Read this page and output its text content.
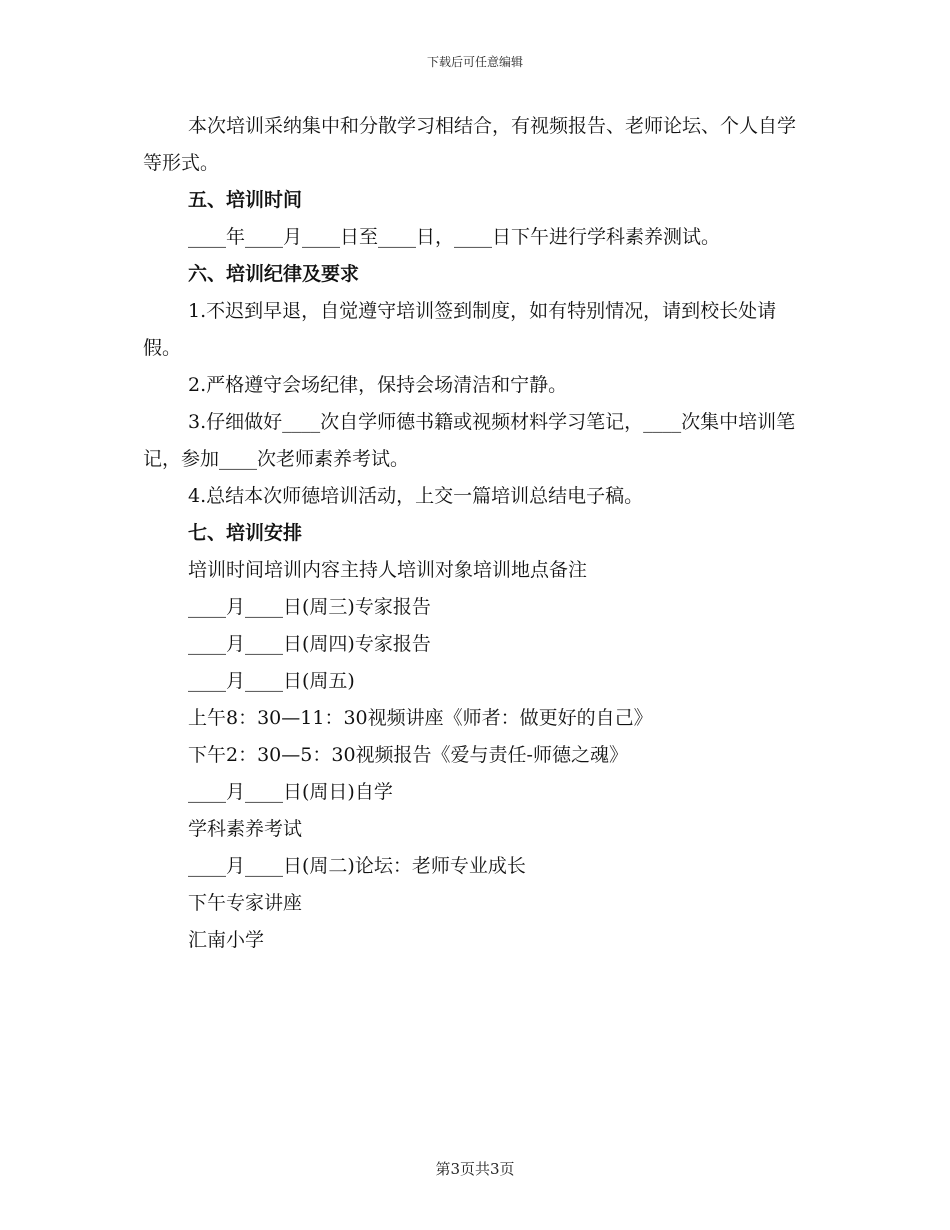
下载后可任意编辑

本次培训采纳集中和分散学习相结合，有视频报告、老师论坛、个人自学等形式。

五、培训时间

____年____月____日至____日，____日下午进行学科素养测试。

六、培训纪律及要求

1.不迟到早退，自觉遵守培训签到制度，如有特别情况，请到校长处请假。

2.严格遵守会场纪律，保持会场清洁和宁静。

3.仔细做好____次自学师德书籍或视频材料学习笔记，____次集中培训笔记，参加____次老师素养考试。

4.总结本次师德培训活动，上交一篇培训总结电子稿。

七、培训安排

培训时间培训内容主持人培训对象培训地点备注

____月____日(周三)专家报告

____月____日(周四)专家报告

____月____日(周五)

上午8：30—11：30视频讲座《师者：做更好的自己》

下午2：30—5：30视频报告《爱与责任-师德之魂》

____月____日(周日)自学

学科素养考试

____月____日(周二)论坛：老师专业成长

下午专家讲座

汇南小学

第3页共3页
